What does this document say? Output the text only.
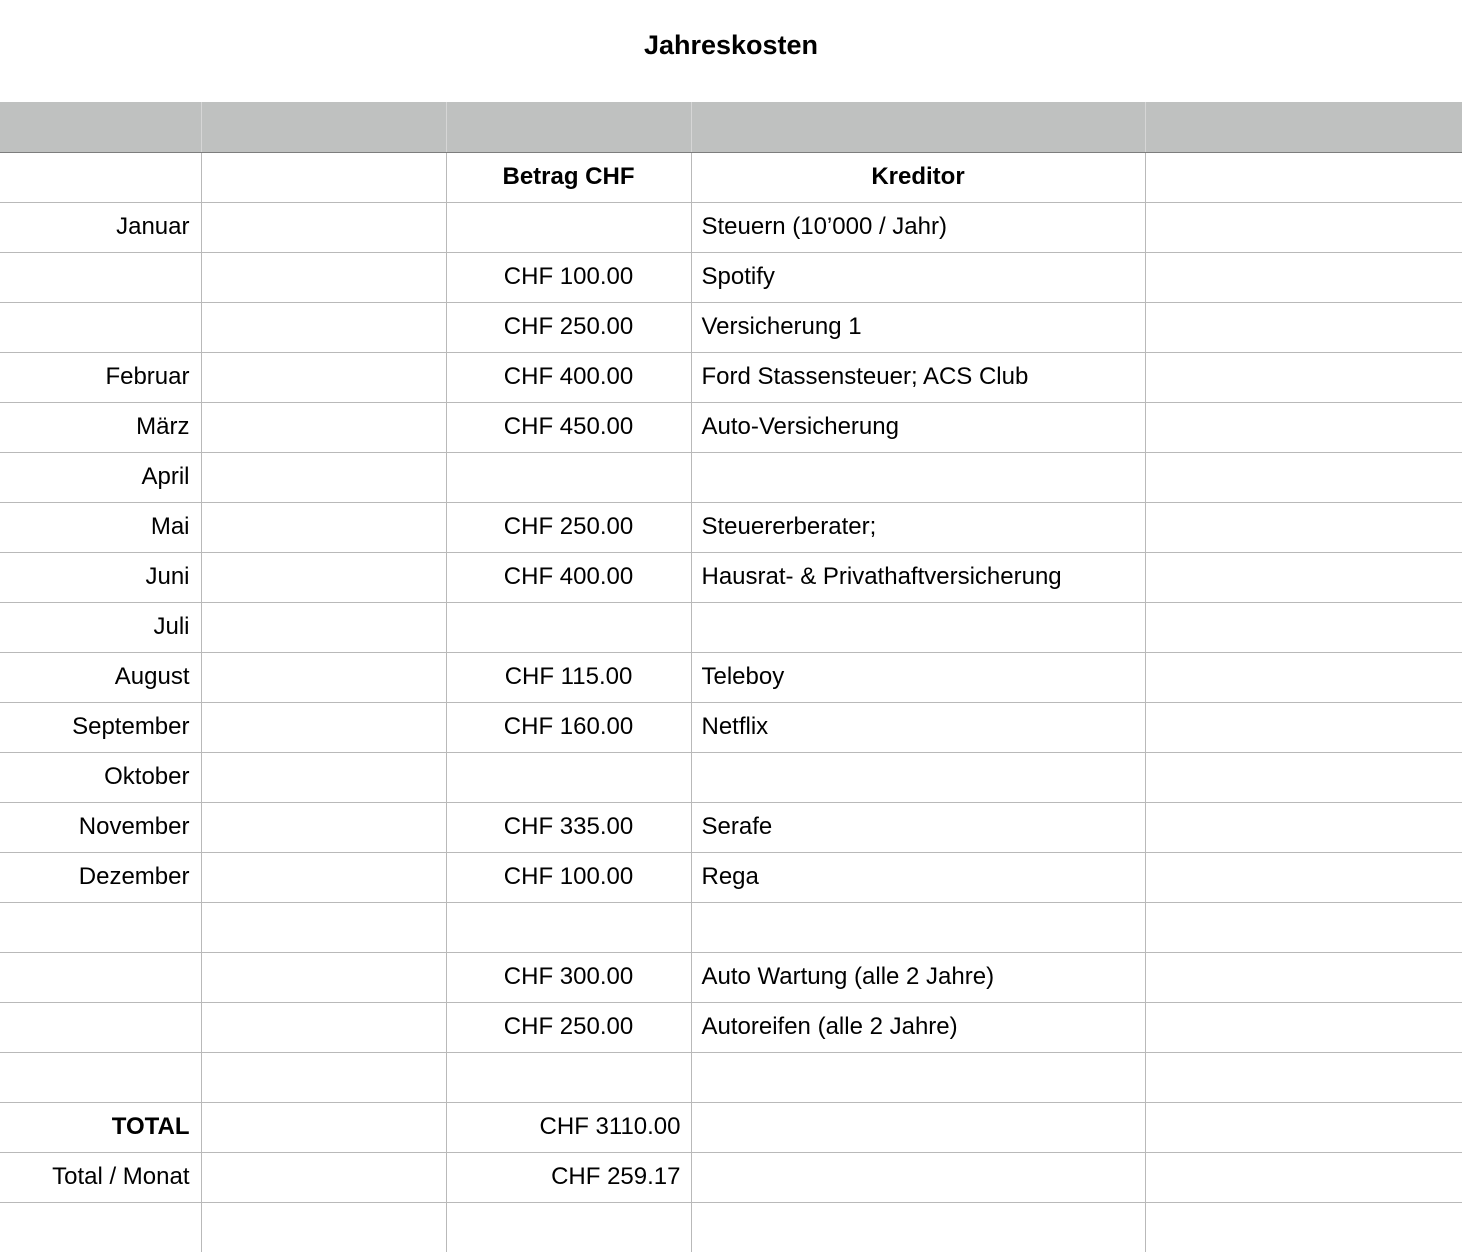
Jahreskosten

		Betrag CHF	Kreditor	
Januar			Steuern (10’000 / Jahr)	
		CHF 100.00	Spotify	
		CHF 250.00	Versicherung 1	
Februar		CHF 400.00	Ford Stassensteuer; ACS Club	
März		CHF 450.00	Auto-Versicherung	
April				
Mai		CHF 250.00	Steuererberater;	
Juni		CHF 400.00	Hausrat- & Privathaftversicherung	
Juli				
August		CHF 115.00	Teleboy	
September		CHF 160.00	Netflix	
Oktober				
November		CHF 335.00	Serafe	
Dezember		CHF 100.00	Rega	

		CHF 300.00	Auto Wartung (alle 2 Jahre)	
		CHF 250.00	Autoreifen (alle 2 Jahre)	

TOTAL		CHF 3110.00		
Total / Monat		CHF 259.17		
